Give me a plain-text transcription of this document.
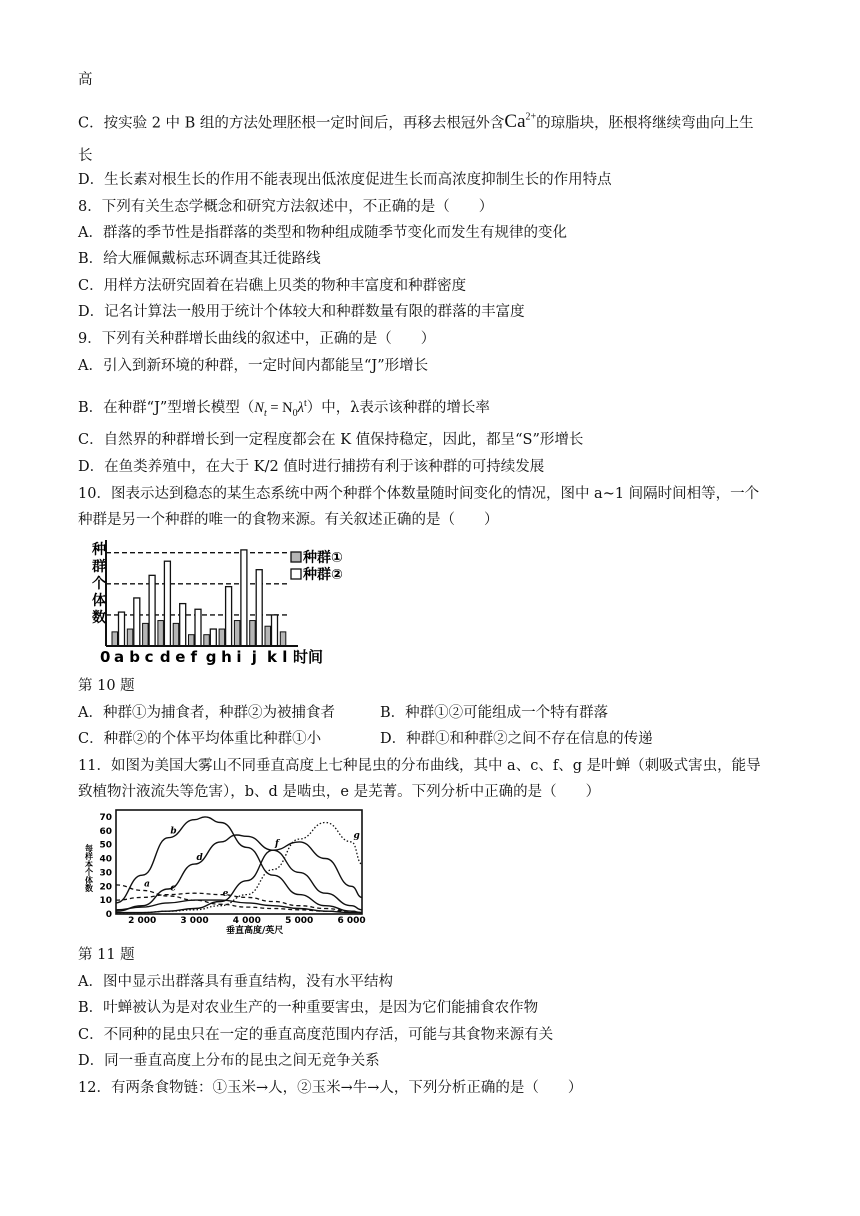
高
C．按实验 2 中 B 组的方法处理胚根一定时间后，再移去根冠外含$Ca^{2+}$的琼脂块，胚根将继续弯曲向上生
长
D．生长素对根生长的作用不能表现出低浓度促进生长而高浓度抑制生长的作用特点
8．下列有关生态学概念和研究方法叙述中，不正确的是（　　）
A．群落的季节性是指群落的类型和物种组成随季节变化而发生有规律的变化
B．给大雁佩戴标志环调查其迁徙路线
C．用样方法研究固着在岩礁上贝类的物种丰富度和种群密度
D．记名计算法一般用于统计个体较大和种群数量有限的群落的丰富度
9．下列有关种群增长曲线的叙述中，正确的是（　　）
A．引入到新环境的种群，一定时间内都能呈“J”形增长
B．在种群“J”型增长模型$(N_t = N_0\lambda^t)$中，λ表示该种群的增长率
C．自然界的种群增长到一定程度都会在 K 值保持稳定，因此，都呈“S”形增长
D．在鱼类养殖中，在大于 K/2 值时进行捕捞有利于该种群的可持续发展
10．图表示达到稳态的某生态系统中两个种群个体数量随时间变化的情况，图中 a~1 间隔时间相等，一个
种群是另一个种群的唯一的食物来源。有关叙述正确的是（　　）
种群个体数
0 a b c d e f g h i j k l 时间
种群①
种群②
第 10 题
A．种群①为捕食者，种群②为被捕食者	B．种群①②可能组成一个特有群落
C．种群②的个体平均体重比种群①小	D．种群①和种群②之间不存在信息的传递
11．如图为美国大雾山不同垂直高度上七种昆虫的分布曲线，其中 a、c、f、g 是叶蝉（刺吸式害虫，能导
致植物汁液流失等危害），b、d 是啮虫，e 是芜菁。下列分析中正确的是（　　）
每样本个体数
0
10
20
30
40
50
60
70
2 000	3 000	4 000	5 000	6 000
a
b
c
d
e
f
g
垂直高度/英尺
第 11 题
A．图中显示出群落具有垂直结构，没有水平结构
B．叶蝉被认为是对农业生产的一种重要害虫，是因为它们能捕食农作物
C．不同种的昆虫只在一定的垂直高度范围内存活，可能与其食物来源有关
D．同一垂直高度上分布的昆虫之间无竞争关系
12．有两条食物链：①玉米→人，②玉米→牛→人，下列分析正确的是（　　）
